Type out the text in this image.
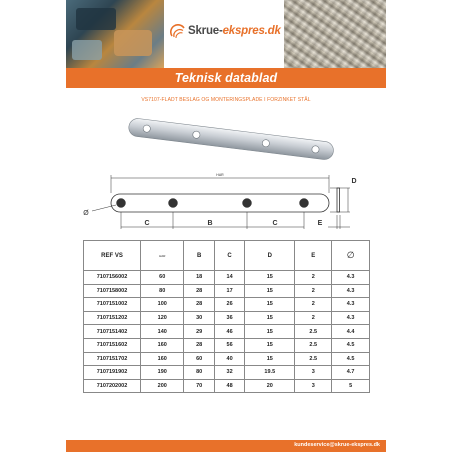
Skrue-ekspres.dk
Teknisk datablad
VS7107-FLADT BESLAG OG MONTERINGSPLADE I FORZINKET STÅL
HAR
D
Ø
C	B	C	E
REF VS	HAR	B	C	D	E	∅
7107156002	60	18	14	15	2	4.3
7107158002	80	28	17	15	2	4.3
7107151002	100	28	26	15	2	4.3
7107151202	120	30	36	15	2	4.3
7107151402	140	29	46	15	2.5	4.4
7107151602	160	28	56	15	2.5	4.5
7107151702	160	60	40	15	2.5	4.5
7107191902	190	80	32	19.5	3	4.7
7107202002	200	70	48	20	3	5
kundeservice@skrue-ekspres.dk
